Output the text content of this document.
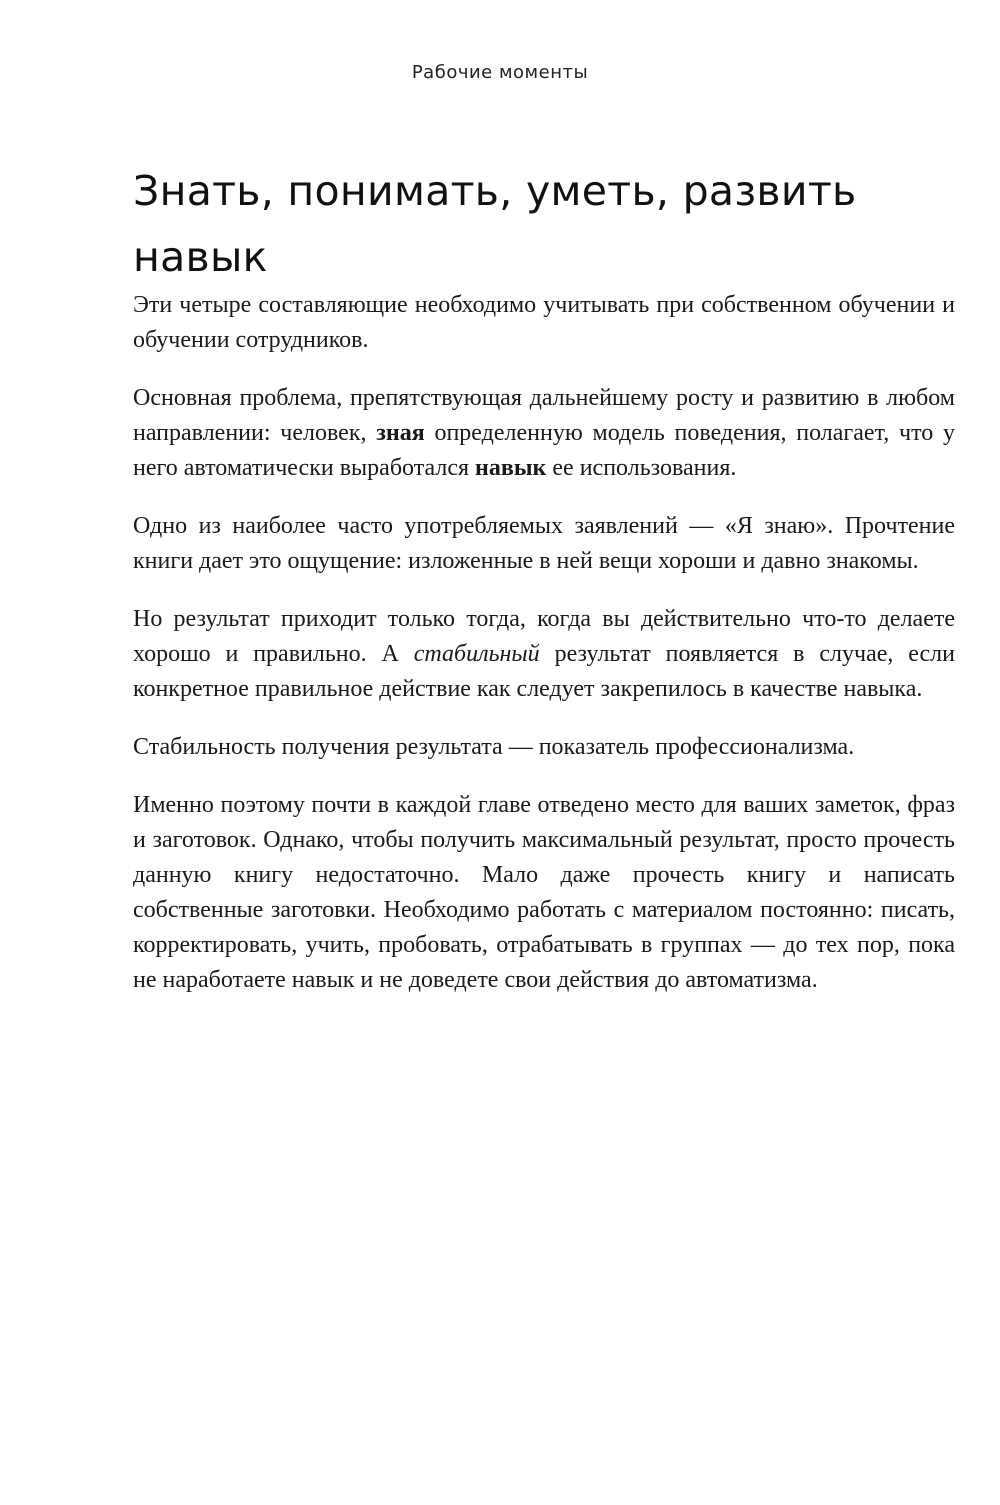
Рабочие моменты
Знать, понимать, уметь, развить навык

Эти четыре составляющие необходимо учитывать при собственном обучении и обучении сотрудников.

Основная проблема, препятствующая дальнейшему росту и развитию в любом направлении: человек, зная определенную модель поведения, полагает, что у него автоматически выработался навык ее использования.

Одно из наиболее часто употребляемых заявлений — «Я знаю». Прочтение книги дает это ощущение: изложенные в ней вещи хороши и давно знакомы.

Но результат приходит только тогда, когда вы действительно что-то делаете хорошо и правильно. А стабильный результат появляется в случае, если конкретное правильное действие как следует закрепилось в качестве навыка.

Стабильность получения результата — показатель профессионализма.

Именно поэтому почти в каждой главе отведено место для ваших заметок, фраз и заготовок. Однако, чтобы получить максимальный результат, просто прочесть данную книгу недостаточно. Мало даже прочесть книгу и написать собственные заготовки. Необходимо работать с материалом постоянно: писать, корректировать, учить, пробовать, отрабатывать в группах — до тех пор, пока не наработаете навык и не доведете свои действия до автоматизма.
